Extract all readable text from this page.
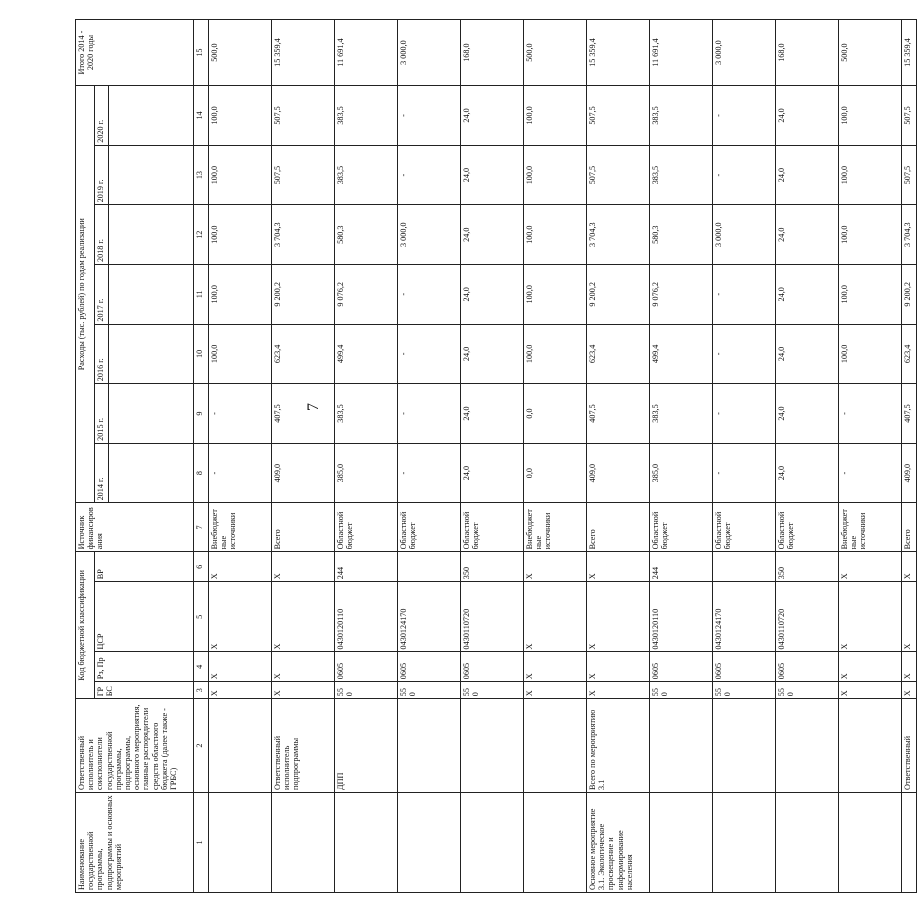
7
Наименование государственной программы, подпрограммы и основных мероприятий	Ответственный исполнитель и соисполнители государственной программы, подпрограммы, основного мероприятия, главные распорядители средств областного бюджета (далее также - ГРБС)	Код бюджетной классификации				Источник финансирования	Расходы (тыс. рублей) по годам реализации							Итого 2014 - 2020 годы
		ГР БС	Рз, Пр	ЦСР	ВР		2014 г.	2015 г.	2016 г.	2017 г.	2018 г.	2019 г.	2020 г.	

1	2	3	4	5	6	7	8	9	10	11	12	13	14	15
		X	X	X	X	Внебюджетные источники	-	-	100,0	100,0	100,0	100,0	100,0	500,0
	Ответственный исполнитель подпрограммы	X	X	X	X	Всего	409,0	407,5	623,4	9 200,2	3 704,3	507,5	507,5	15 359,4
	ДПП	550	0605	0430120110	244	Областной бюджет	385,0	383,5	499,4	9 076,2	580,3	383,5	383,5	11 691,4
		550	0605	0430124170		Областной бюджет	-	-	-	-	3 000,0	-	-	3 000,0
		550	0605	0430110720	350	Областной бюджет	24,0	24,0	24,0	24,0	24,0	24,0	24,0	168,0
		X	X	X	X	Внебюджетные источники	0,0	0,0	100,0	100,0	100,0	100,0	100,0	500,0
Основное мероприятие 3.1. Экологическое просвещение и информирование населения	Всего по мероприятию 3.1	X	X	X	X	Всего	409,0	407,5	623,4	9 200,2	3 704,3	507,5	507,5	15 359,4
		550	0605	0430120110	244	Областной бюджет	385,0	383,5	499,4	9 076,2	580,3	383,5	383,5	11 691,4
		550	0605	0430124170		Областной бюджет	-	-	-	-	3 000,0	-	-	3 000,0
		550	0605	0430110720	350	Областной бюджет	24,0	24,0	24,0	24,0	24,0	24,0	24,0	168,0
		X	X	X	X	Внебюджетные источники	-	-	100,0	100,0	100,0	100,0	100,0	500,0
	Ответственный	X	X	X	X	Всего	409,0	407,5	623,4	9 200,2	3 704,3	507,5	507,5	15 359,4
